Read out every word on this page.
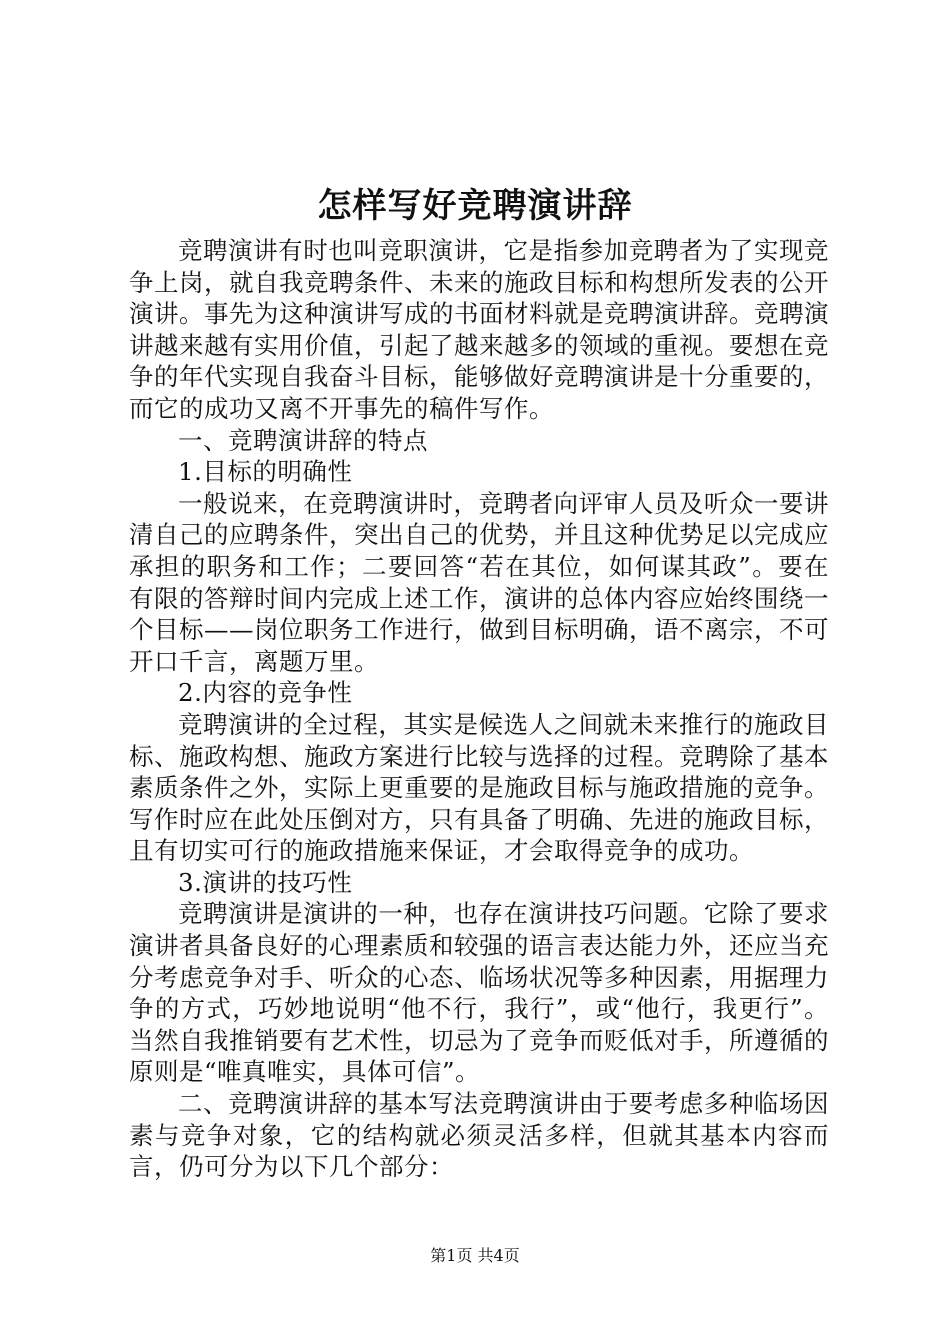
怎样写好竞聘演讲辞

竞聘演讲有时也叫竞职演讲，它是指参加竞聘者为了实现竞争上岗，就自我竞聘条件、未来的施政目标和构想所发表的公开演讲。事先为这种演讲写成的书面材料就是竞聘演讲辞。竞聘演讲越来越有实用价值，引起了越来越多的领域的重视。要想在竞争的年代实现自我奋斗目标，能够做好竞聘演讲是十分重要的，而它的成功又离不开事先的稿件写作。

一、竞聘演讲辞的特点

1.目标的明确性

一般说来，在竞聘演讲时，竞聘者向评审人员及听众一要讲清自己的应聘条件，突出自己的优势，并且这种优势足以完成应承担的职务和工作；二要回答“若在其位，如何谋其政”。要在有限的答辩时间内完成上述工作，演讲的总体内容应始终围绕一个目标——岗位职务工作进行，做到目标明确，语不离宗，不可开口千言，离题万里。

2.内容的竞争性

竞聘演讲的全过程，其实是候选人之间就未来推行的施政目标、施政构想、施政方案进行比较与选择的过程。竞聘除了基本素质条件之外，实际上更重要的是施政目标与施政措施的竞争。写作时应在此处压倒对方，只有具备了明确、先进的施政目标，且有切实可行的施政措施来保证，才会取得竞争的成功。

3.演讲的技巧性

竞聘演讲是演讲的一种，也存在演讲技巧问题。它除了要求演讲者具备良好的心理素质和较强的语言表达能力外，还应当充分考虑竞争对手、听众的心态、临场状况等多种因素，用据理力争的方式，巧妙地说明“他不行，我行”，或“他行，我更行”。当然自我推销要有艺术性，切忌为了竞争而贬低对手，所遵循的原则是“唯真唯实，具体可信”。

二、竞聘演讲辞的基本写法竞聘演讲由于要考虑多种临场因素与竞争对象，它的结构就必须灵活多样，但就其基本内容而言，仍可分为以下几个部分：

第1页 共4页
